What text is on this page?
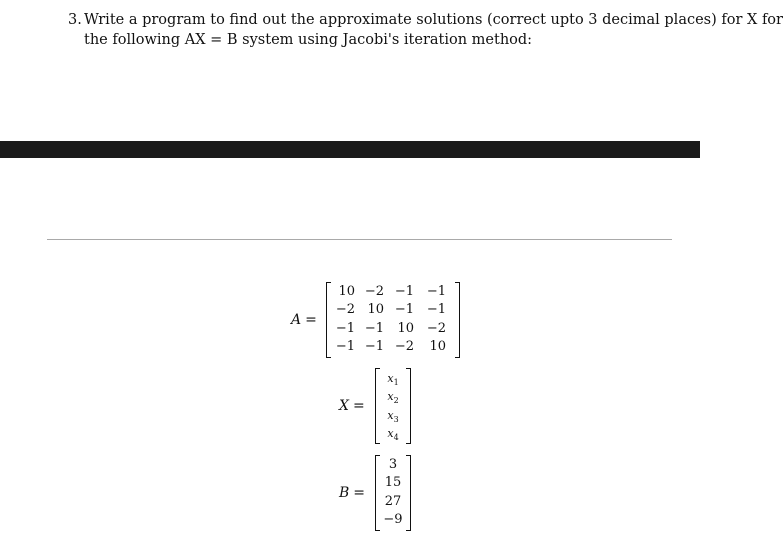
3. Write a program to find out the approximate solutions (correct upto 3 decimal places) for X for
the following AX = B system using Jacobi's iteration method:
A =
10 −2 −1 −1
−2 10 −1 −1
−1 −1	10 −2
−1 −1 −2	10
X =
$x_1$
$x_2$
$x_3$
$x_4$
B =
3
15
27
−9
